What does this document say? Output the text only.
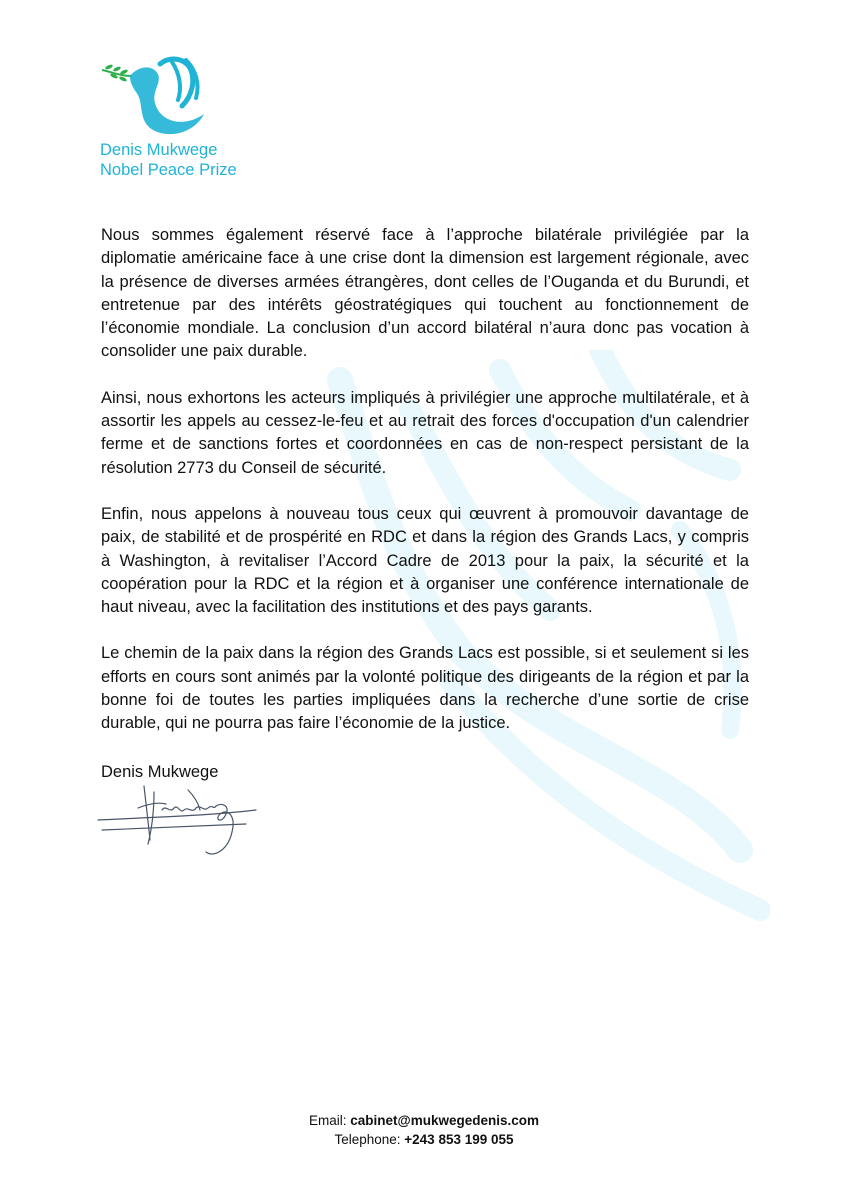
Denis Mukwege
Nobel Peace Prize

Nous sommes également réservé face à l’approche bilatérale privilégiée par la diplomatie américaine face à une crise dont la dimension est largement régionale, avec la présence de diverses armées étrangères, dont celles de l’Ouganda et du Burundi, et entretenue par des intérêts géostratégiques qui touchent au fonctionnement de l’économie mondiale. La conclusion d’un accord bilatéral n’aura donc pas vocation à consolider une paix durable.

Ainsi, nous exhortons les acteurs impliqués à privilégier une approche multilatérale, et à assortir les appels au cessez-le-feu et au retrait des forces d'occupation d'un calendrier ferme et de sanctions fortes et coordonnées en cas de non-respect persistant de la résolution 2773 du Conseil de sécurité.

Enfin, nous appelons à nouveau tous ceux qui œuvrent à promouvoir davantage de paix, de stabilité et de prospérité en RDC et dans la région des Grands Lacs, y compris à Washington, à revitaliser l’Accord Cadre de 2013 pour la paix, la sécurité et la coopération pour la RDC et la région et à organiser une conférence internationale de haut niveau, avec la facilitation des institutions et des pays garants.

Le chemin de la paix dans la région des Grands Lacs est possible, si et seulement si les efforts en cours sont animés par la volonté politique des dirigeants de la région et par la bonne foi de toutes les parties impliquées dans la recherche d’une sortie de crise durable, qui ne pourra pas faire l’économie de la justice.

Denis Mukwege
Email: cabinet@mukwegedenis.com
Telephone: +243 853 199 055
